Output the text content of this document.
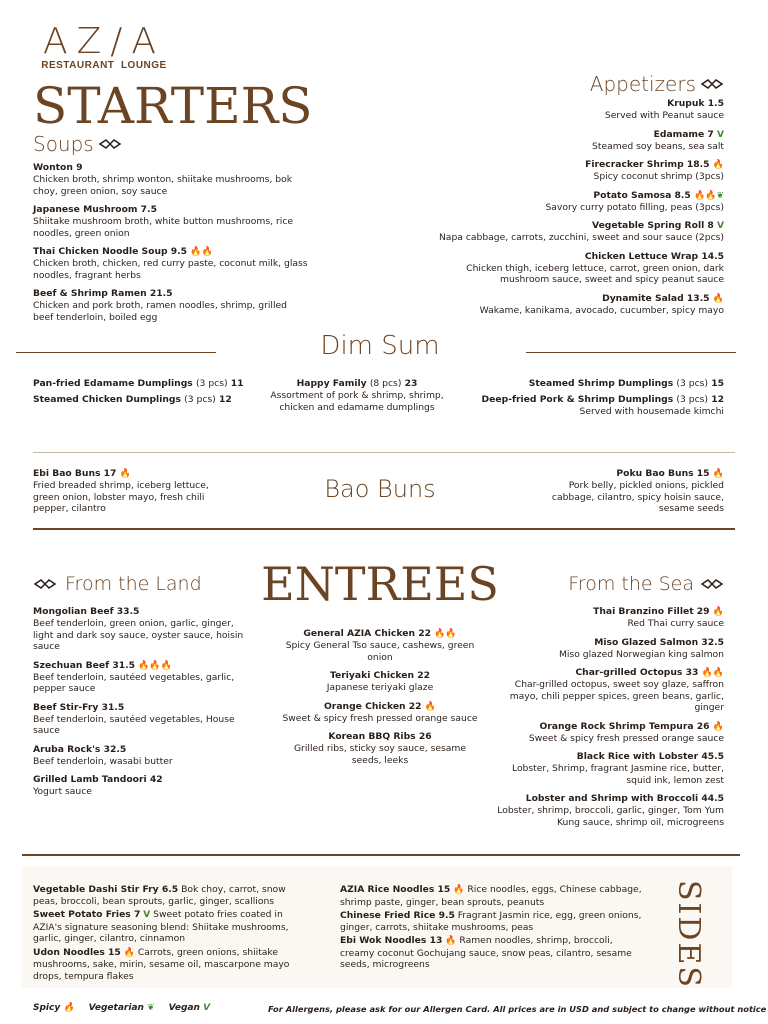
AZ/A
RESTAURANT  LOUNGE
STARTERS
Soups
Wonton 9
Chicken broth, shrimp wonton, shiitake mushrooms, bok choy, green onion, soy sauce
Japanese Mushroom 7.5
Shiitake mushroom broth, white button mushrooms, rice noodles, green onion
Thai Chicken Noodle Soup 9.5 🔥🔥
Chicken broth, chicken, red curry paste, coconut milk, glass noodles, fragrant herbs
Beef & Shrimp Ramen 21.5
Chicken and pork broth, ramen noodles, shrimp, grilled beef tenderloin, boiled egg
Appetizers
Krupuk 1.5
Served with Peanut sauce
Edamame 7 V
Steamed soy beans, sea salt
Firecracker Shrimp 18.5 🔥
Spicy coconut shrimp (3pcs)
Potato Samosa 8.5 🔥🔥❦
Savory curry potato filling, peas (3pcs)
Vegetable Spring Roll 8 V
Napa cabbage, carrots, zucchini, sweet and sour sauce (2pcs)
Chicken Lettuce Wrap 14.5
Chicken thigh, iceberg lettuce, carrot, green onion, dark mushroom sauce, sweet and spicy peanut sauce
Dynamite Salad 13.5 🔥
Wakame, kanikama, avocado, cucumber, spicy mayo
Dim Sum
Pan-fried Edamame Dumplings (3 pcs) 11
Steamed Chicken Dumplings (3 pcs) 12
Happy Family (8 pcs) 23
Assortment of pork & shrimp, shrimp, chicken and edamame dumplings
Steamed Shrimp Dumplings (3 pcs) 15
Deep-fried Pork & Shrimp Dumplings (3 pcs) 12
Served with housemade kimchi
Ebi Bao Buns 17 🔥
Fried breaded shrimp, iceberg lettuce, green onion, lobster mayo, fresh chili pepper, cilantro
Bao Buns
Poku Bao Buns 15 🔥
Pork belly, pickled onions, pickled cabbage, cilantro, spicy hoisin sauce, sesame seeds
ENTREES
From the Land
Mongolian Beef 33.5
Beef tenderloin, green onion, garlic, ginger, light and dark soy sauce, oyster sauce, hoisin sauce
Szechuan Beef 31.5 🔥🔥🔥
Beef tenderloin, sautéed vegetables, garlic, pepper sauce
Beef Stir-Fry 31.5
Beef tenderloin, sautéed vegetables, House sauce
Aruba Rock's 32.5
Beef tenderloin, wasabi butter
Grilled Lamb Tandoori 42
Yogurt sauce
General AZIA Chicken 22 🔥🔥
Spicy General Tso sauce, cashews, green onion
Teriyaki Chicken 22
Japanese teriyaki glaze
Orange Chicken 22 🔥
Sweet & spicy fresh pressed orange sauce
Korean BBQ Ribs 26
Grilled ribs, sticky soy sauce, sesame seeds, leeks
From the Sea
Thai Branzino Fillet 29 🔥
Red Thai curry sauce
Miso Glazed Salmon 32.5
Miso glazed Norwegian king salmon
Char-grilled Octopus 33 🔥🔥
Char-grilled octopus, sweet soy glaze, saffron mayo, chili pepper spices, green beans, garlic, ginger
Orange Rock Shrimp Tempura 26 🔥
Sweet & spicy fresh pressed orange sauce
Black Rice with Lobster 45.5
Lobster, Shrimp, fragrant Jasmine rice, butter, squid ink, lemon zest
Lobster and Shrimp with Broccoli 44.5
Lobster, shrimp, broccoli, garlic, ginger, Tom Yum Kung sauce, shrimp oil, microgreens
Vegetable Dashi Stir Fry 6.5 Bok choy, carrot, snow peas, broccoli, bean sprouts, garlic, ginger, scallions
Sweet Potato Fries 7 V Sweet potato fries coated in AZIA's signature seasoning blend: Shiitake mushrooms, garlic, ginger, cilantro, cinnamon
Udon Noodles 15 🔥 Carrots, green onions, shiitake mushrooms, sake, mirin, sesame oil, mascarpone mayo drops, tempura flakes
AZIA Rice Noodles 15 🔥 Rice noodles, eggs, Chinese cabbage, shrimp paste, ginger, bean sprouts, peanuts
Chinese Fried Rice 9.5 Fragrant Jasmin rice, egg, green onions, ginger, carrots, shiitake mushrooms, peas
Ebi Wok Noodles 13 🔥 Ramen noodles, shrimp, broccoli, creamy coconut Gochujang sauce, snow peas, cilantro, sesame seeds, microgreens	SIDES
Spicy 🔥 Vegetarian ❦ Vegan V	For Allergens, please ask for our Allergen Card. All prices are in USD and subject to change without notice
